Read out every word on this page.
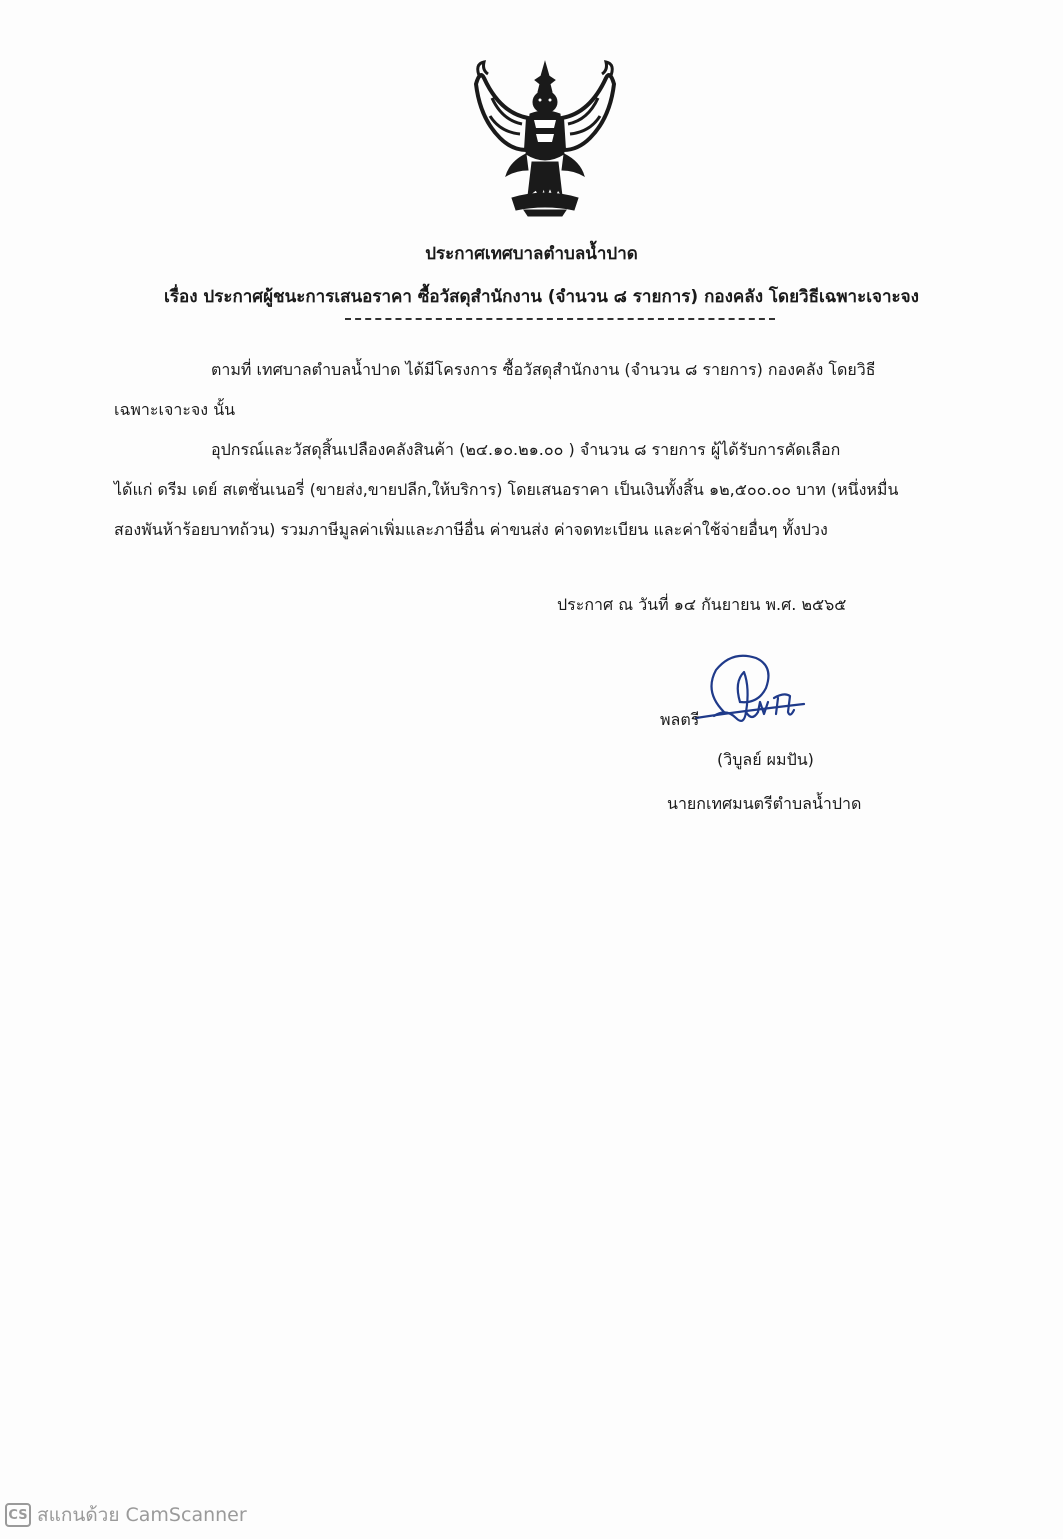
ประกาศเทศบาลตำบลน้ำปาด
เรื่อง ประกาศผู้ชนะการเสนอราคา ซื้อวัสดุสำนักงาน (จำนวน ๘ รายการ) กองคลัง โดยวิธีเฉพาะเจาะจง
ตามที่ เทศบาลตำบลน้ำปาด ได้มีโครงการ ซื้อวัสดุสำนักงาน (จำนวน ๘ รายการ) กองคลัง โดยวิธี
เฉพาะเจาะจง นั้น
อุปกรณ์และวัสดุสิ้นเปลืองคลังสินค้า (๒๔.๑๐.๒๑.๐๐ ) จำนวน ๘ รายการ ผู้ได้รับการคัดเลือก
ได้แก่ ดรีม เดย์ สเตชั่นเนอรี่ (ขายส่ง,ขายปลีก,ให้บริการ) โดยเสนอราคา เป็นเงินทั้งสิ้น ๑๒,๕๐๐.๐๐ บาท (หนึ่งหมื่น
สองพันห้าร้อยบาทถ้วน) รวมภาษีมูลค่าเพิ่มและภาษีอื่น ค่าขนส่ง ค่าจดทะเบียน และค่าใช้จ่ายอื่นๆ ทั้งปวง
ประกาศ ณ วันที่ ๑๔ กันยายน พ.ศ. ๒๕๖๕
พลตรี
(วิบูลย์ ผมปัน)
นายกเทศมนตรีตำบลน้ำปาด
CS สแกนด้วย CamScanner
